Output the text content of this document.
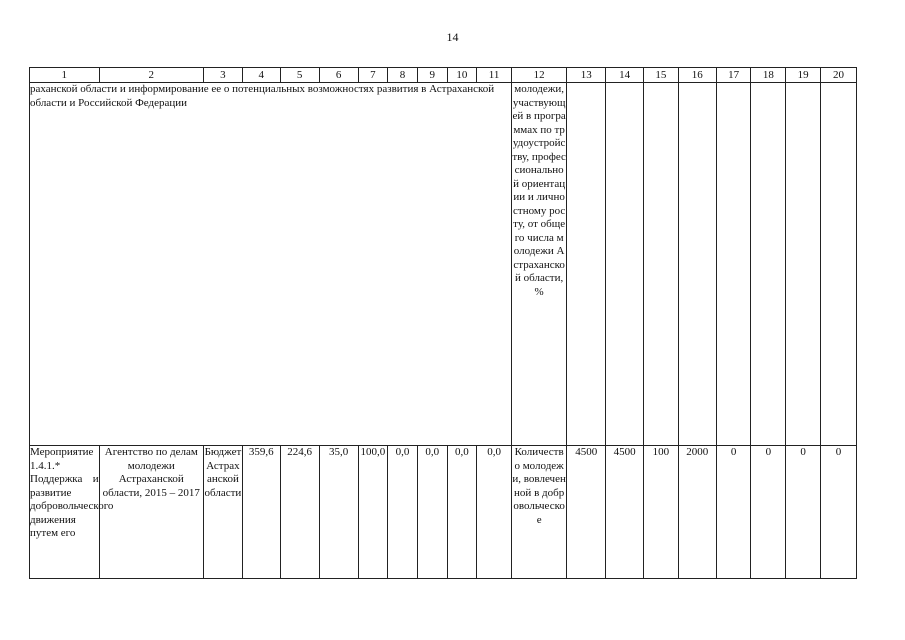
14
1	2	3	4	5	6	7	8	9	10	11	12	13	14	15	16	17	18	19	20
раханской области и информирование ее о потенциальных возможностях развития в Астраханской области и Российской Федерации											молодежи, участвующей в программах по трудоустройству, профессиональной ориентации и личностному росту, от общего числа молодежи Астраханской области, %								
Мероприятие 1.4.1.* Поддержка и развитие добровольческого движения путем его	Агентство по делам молодежи Астраханской области, 2015 – 2017	Бюджет Астраханской области	359,6	224,6	35,0	100,0	0,0	0,0	0,0	0,0	Количество молодежи, вовлеченной в добровольческое	4500	4500	100	2000	0	0	0	0
